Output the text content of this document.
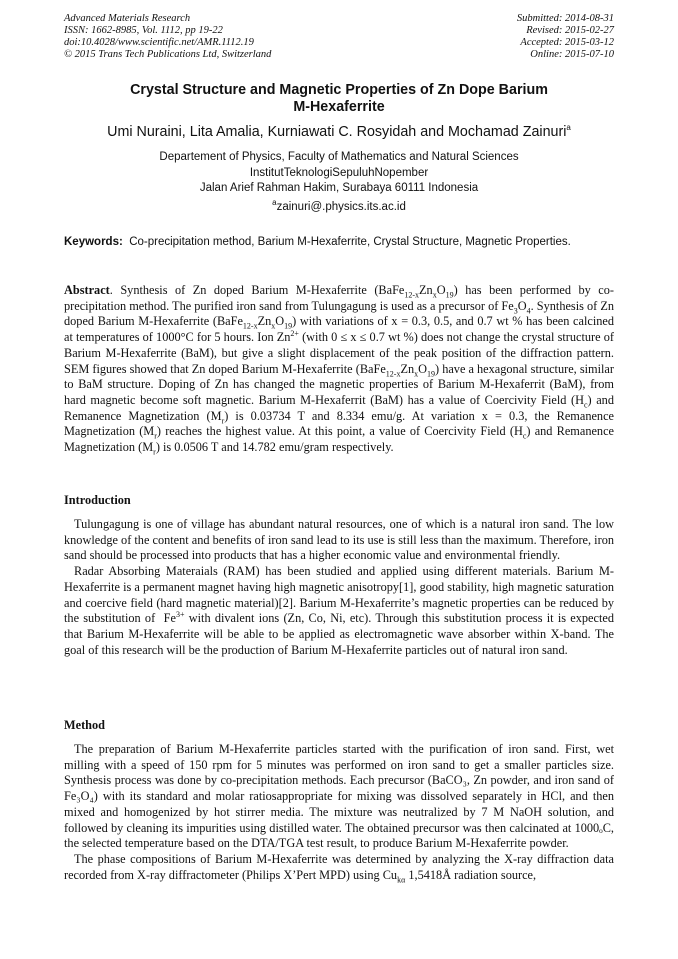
Advanced Materials Research
ISSN: 1662-8985, Vol. 1112, pp 19-22
doi:10.4028/www.scientific.net/AMR.1112.19
© 2015 Trans Tech Publications Ltd, Switzerland
Submitted: 2014-08-31
Revised: 2015-02-27
Accepted: 2015-03-12
Online: 2015-07-10
Crystal Structure and Magnetic Properties of Zn Dope Barium
M-Hexaferrite
Umi Nuraini, Lita Amalia, Kurniawati C. Rosyidah and Mochamad Zainuri$^a$
Departement of Physics, Faculty of Mathematics and Natural Sciences
InstitutTeknologiSepuluhNopember
Jalan Arief Rahman Hakim, Surabaya 60111 Indonesia
$^a$zainuri@.physics.its.ac.id
Keywords: Co-precipitation method, Barium M-Hexaferrite, Crystal Structure, Magnetic Properties.

Abstract. Synthesis of Zn doped Barium M-Hexaferrite $(BaFe_{12-x}Zn_xO_{19})$ has been performed by co-precipitation method. The purified iron sand from Tulungagung is used as a precursor of $Fe_3O_4$. Synthesis of Zn doped Barium M-Hexaferrite $(BaFe_{12-x}Zn_xO_{19})$ with variations of x = 0.3, 0.5, and 0.7 wt % has been calcined at temperatures of 1000°C for 5 hours. Ion $Zn^{2+}$ (with 0 ≤ x ≤ 0.7 wt %) does not change the crystal structure of Barium M-Hexaferrite (BaM), but give a slight displacement of the peak position of the diffraction pattern. SEM figures showed that Zn doped Barium M-Hexaferrite $(BaFe_{12-x}Zn_xO_{19})$ have a hexagonal structure, similar to BaM structure. Doping of Zn has changed the magnetic properties of Barium M-Hexaferrit (BaM), from hard magnetic become soft magnetic. Barium M-Hexaferrit (BaM) has a value of Coercivity Field $(H_c)$ and Remanence Magnetization $(M_r)$ is 0.03734 T and 8.334 emu/g. At variation x = 0.3, the Remanence Magnetization $(M_r)$ reaches the highest value. At this point, a value of Coercivity Field $(H_c)$ and Remanence Magnetization $(M_r)$ is 0.0506 T and 14.782 emu/gram respectively.

Introduction

Tulungagung is one of village has abundant natural resources, one of which is a natural iron sand. The low knowledge of the content and benefits of iron sand lead to its use is still less than the maximum. Therefore, iron sand should be processed into products that has a higher economic value and environmental friendly.

Radar Absorbing Materaials (RAM) has been studied and applied using different materials. Barium M-Hexaferrite is a permanent magnet having high magnetic anisotropy[1], good stability, high magnetic saturation and coercive field (hard magnetic material)[2]. Barium M-Hexaferrite’s magnetic properties can be reduced by the substitution of  $Fe^{3+}$ with divalent ions (Zn, Co, Ni, etc). Through this substitution process it is expected that Barium M-Hexaferrite will be able to be applied as electromagnetic wave absorber within X-band. The goal of this research will be the production of Barium M-Hexaferrite particles out of natural iron sand.

Method

The preparation of Barium M-Hexaferrite particles started with the purification of iron sand. First, wet milling with a speed of 150 rpm for 5 minutes was performed on iron sand to get a smaller particles size. Synthesis process was done by co-precipitation methods. Each precursor (BaCO₃, Zn powder, and iron sand of Fe₃O₄) with its standard and molar ratiosappropriate for mixing was dissolved separately in HCl, and then mixed and homogenized by hot stirrer media. The mixture was neutralized by 7 M NaOH solution, and followed by cleaning its impurities using distilled water. The obtained precursor was then calcinated at 1000ₒC, the selected temperature based on the DTA/TGA test result, to produce Barium M-Hexaferrite powder.

The phase compositions of Barium M-Hexaferrite was determined by analyzing the X-ray diffraction data recorded from X-ray diffractometer (Philips X’Pert MPD) using $Cu_{k\alpha}$ 1,5418Å radiation source,
